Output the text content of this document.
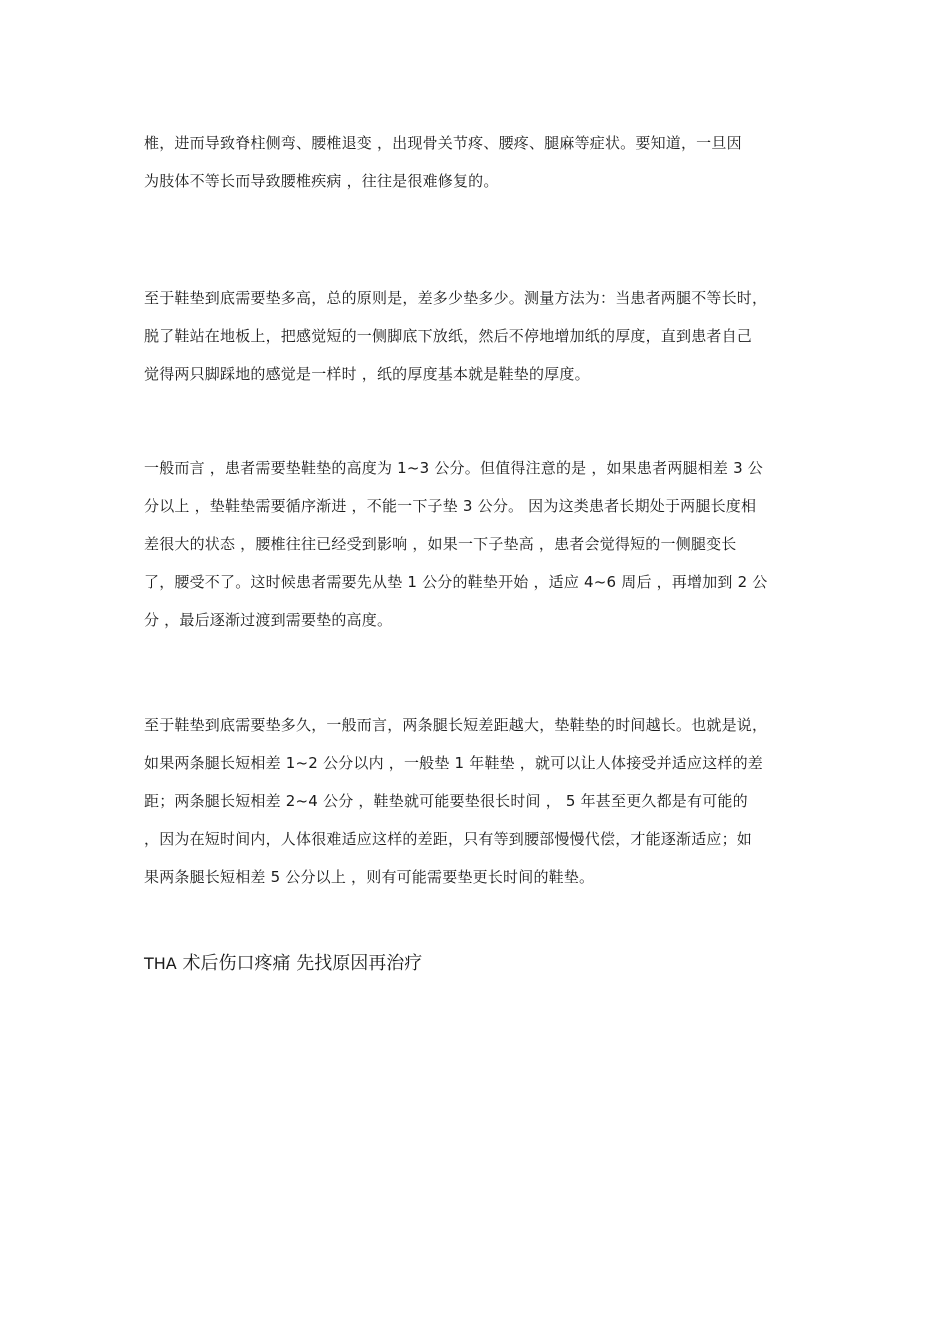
椎，进而导致脊柱侧弯、腰椎退变 ，出现骨关节疼、腰疼、腿麻等症状。要知道，一旦因
为肢体不等长而导致腰椎疾病 ，往往是很难修复的。

至于鞋垫到底需要垫多高，总的原则是，差多少垫多少。测量方法为：当患者两腿不等长时，
脱了鞋站在地板上，把感觉短的一侧脚底下放纸，然后不停地增加纸的厚度，直到患者自己
觉得两只脚踩地的感觉是一样时 ，纸的厚度基本就是鞋垫的厚度。

一般而言 ，患者需要垫鞋垫的高度为 1~3 公分。但值得注意的是 ，如果患者两腿相差 3 公
分以上 ，垫鞋垫需要循序渐进 ，不能一下子垫 3 公分。 因为这类患者长期处于两腿长度相
差很大的状态 ，腰椎往往已经受到影响 ，如果一下子垫高 ，患者会觉得短的一侧腿变长
了，腰受不了。这时候患者需要先从垫 1 公分的鞋垫开始 ，适应 4~6 周后 ，再增加到 2 公
分 ，最后逐渐过渡到需要垫的高度。

至于鞋垫到底需要垫多久，一般而言，两条腿长短差距越大，垫鞋垫的时间越长。也就是说，
如果两条腿长短相差 1~2 公分以内 ，一般垫 1 年鞋垫 ，就可以让人体接受并适应这样的差
距；两条腿长短相差 2~4 公分 ，鞋垫就可能要垫很长时间 ， 5 年甚至更久都是有可能的
，因为在短时间内，人体很难适应这样的差距，只有等到腰部慢慢代偿，才能逐渐适应；如
果两条腿长短相差 5 公分以上 ，则有可能需要垫更长时间的鞋垫。

THA 术后伤口疼痛 先找原因再治疗
